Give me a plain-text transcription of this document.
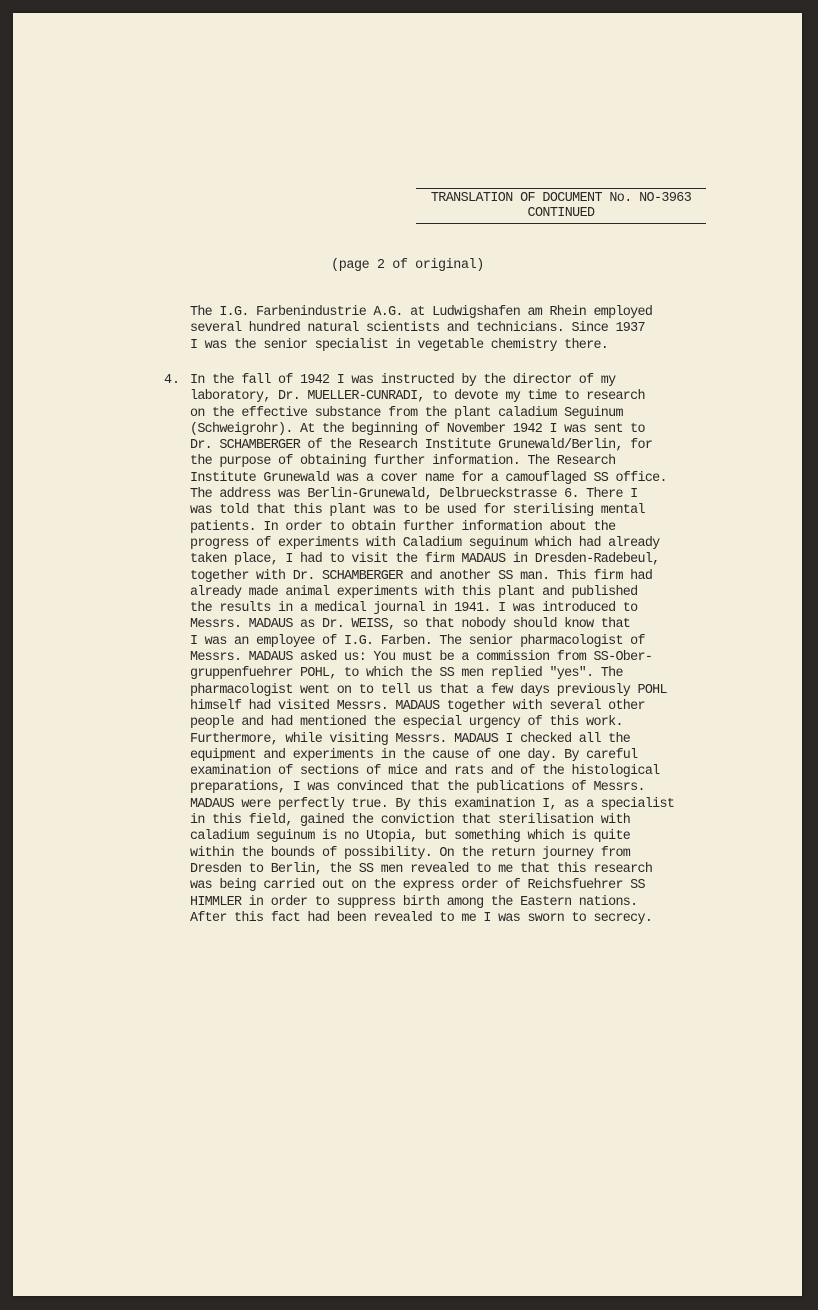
TRANSLATION OF DOCUMENT No. NO-3963
CONTINUED
(page 2 of original)
The I.G. Farbenindustrie A.G. at Ludwigshafen am Rhein employed
several hundred natural scientists and technicians. Since 1937
I was the senior specialist in vegetable chemistry there.
4. In the fall of 1942 I was instructed by the director of my
laboratory, Dr. MUELLER-CUNRADI, to devote my time to research
on the effective substance from the plant caladium Seguinum
(Schweigrohr). At the beginning of November 1942 I was sent to
Dr. SCHAMBERGER of the Research Institute Grunewald/Berlin, for
the purpose of obtaining further information. The Research
Institute Grunewald was a cover name for a camouflaged SS office.
The address was Berlin-Grunewald, Delbrueckstrasse 6. There I
was told that this plant was to be used for sterilising mental
patients. In order to obtain further information about the
progress of experiments with Caladium seguinum which had already
taken place, I had to visit the firm MADAUS in Dresden-Radebeul,
together with Dr. SCHAMBERGER and another SS man. This firm had
already made animal experiments with this plant and published
the results in a medical journal in 1941. I was introduced to
Messrs. MADAUS as Dr. WEISS, so that nobody should know that
I was an employee of I.G. Farben. The senior pharmacologist of
Messrs. MADAUS asked us: You must be a commission from SS-Ober-
gruppenfuehrer POHL, to which the SS men replied "yes". The
pharmacologist went on to tell us that a few days previously POHL
himself had visited Messrs. MADAUS together with several other
people and had mentioned the especial urgency of this work.
Furthermore, while visiting Messrs. MADAUS I checked all the
equipment and experiments in the cause of one day. By careful
examination of sections of mice and rats and of the histological
preparations, I was convinced that the publications of Messrs.
MADAUS were perfectly true. By this examination I, as a specialist
in this field, gained the conviction that sterilisation with
caladium seguinum is no Utopia, but something which is quite
within the bounds of possibility. On the return journey from
Dresden to Berlin, the SS men revealed to me that this research
was being carried out on the express order of Reichsfuehrer SS
HIMMLER in order to suppress birth among the Eastern nations.
After this fact had been revealed to me I was sworn to secrecy.
